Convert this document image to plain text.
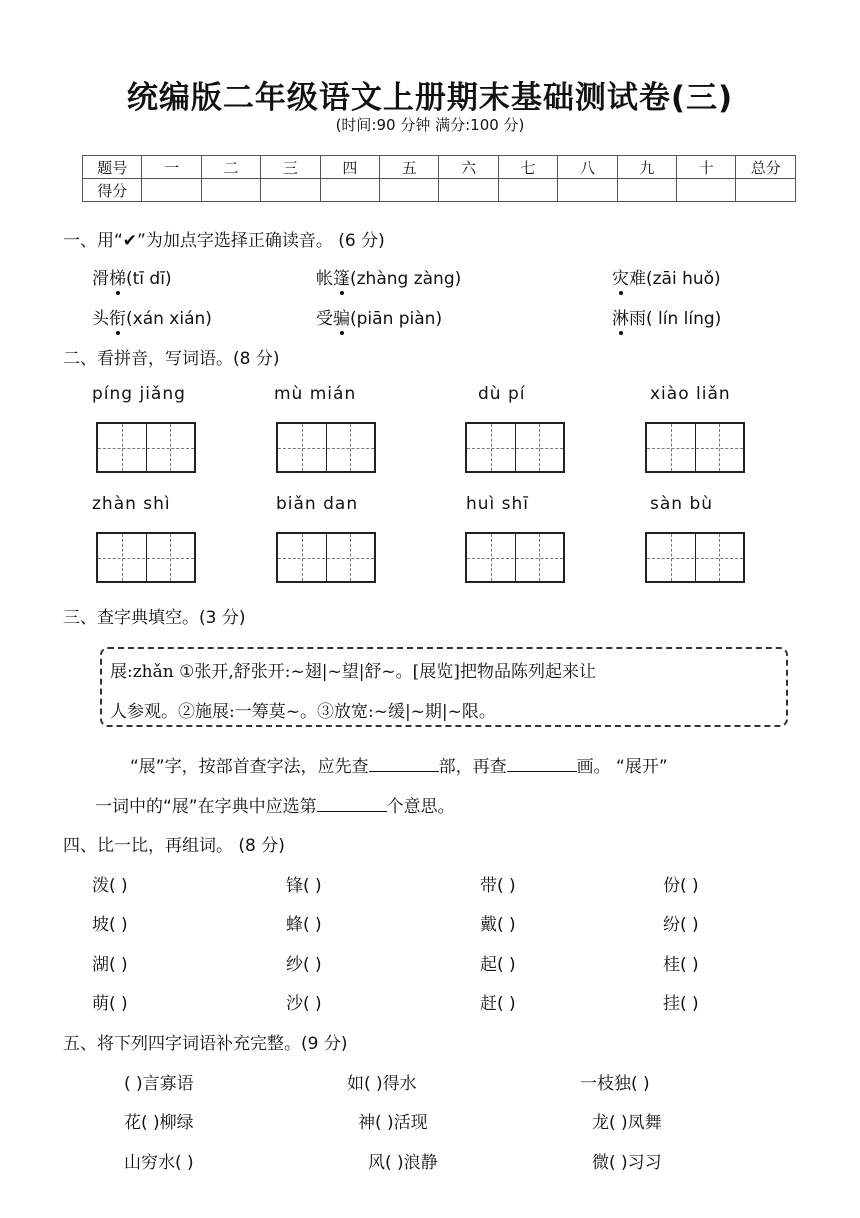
统编版二年级语文上册期末基础测试卷(三)
(时间:90 分钟 满分:100 分)
题号	一	二	三	四	五	六	七	八	九	十	总分
得分											
一、用“✔”为加点字选择正确读音。 (6 分)
滑梯(tī dī)	帐篷(zhàng zàng)	灾难(zāi huǒ)
头衔(xán xián)	受骗(piān piàn)	淋雨( lín líng)
二、看拼音，写词语。(8 分)
píng jiǎng	mù mián	dù pí	xiào liǎn
zhàn shì	biǎn dan	huì shī	sàn bù
三、查字典填空。(3 分)
展:zhǎn ①张开,舒张开:~翅|~望|舒~。[展览]把物品陈列起来让
人参观。②施展:一筹莫~。③放宽:~缓|~期|~限。
“展”字，按部首查字法，应先查	部，再查	画。 “展开”
一词中的“展”在字典中应选第	个意思。
四、比一比，再组词。 (8 分)
泼( )	锋( )	带( )	份( )
坡( )	蜂( )	戴( )	纷( )
湖( )	纱( )	起( )	桂( )
萌( )	沙( )	赶( )	挂( )
五、将下列四字词语补充完整。(9 分)
( )言寡语	如( )得水	一枝独( )
花( )柳绿	神( )活现	龙( )凤舞
山穷水( )	风( )浪静	微( )习习
